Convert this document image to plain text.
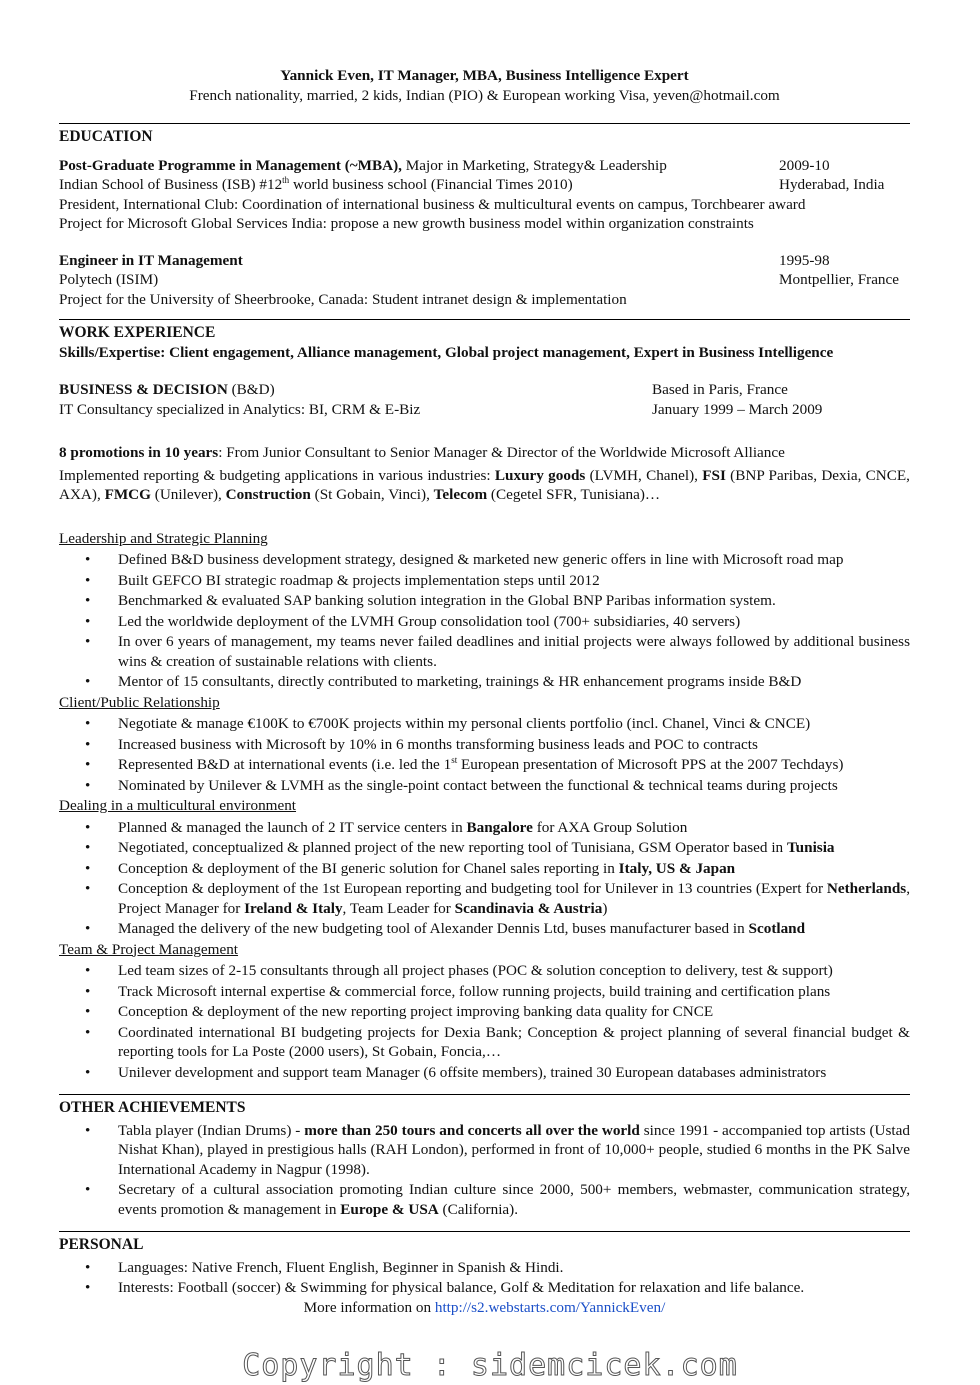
Yannick Even, IT Manager, MBA, Business Intelligence Expert
French nationality, married, 2 kids, Indian (PIO) & European working Visa, yeven@hotmail.com
EDUCATION
Post-Graduate Programme in Management (~MBA), Major in Marketing, Strategy& Leadership	2009-10
Indian School of Business (ISB) #12th world business school (Financial Times 2010)	Hyderabad, India
President, International Club: Coordination of international business & multicultural events on campus, Torchbearer award
Project for Microsoft Global Services India: propose a new growth business model within organization constraints
Engineer in IT Management	1995-98
Polytech (ISIM)	Montpellier, France
Project for the University of Sheerbrooke, Canada: Student intranet design & implementation
WORK EXPERIENCE
Skills/Expertise: Client engagement, Alliance management, Global project management, Expert in Business Intelligence
BUSINESS & DECISION (B&D)	Based in Paris, France
IT Consultancy specialized in Analytics: BI, CRM & E-Biz	January 1999 – March 2009
8 promotions in 10 years: From Junior Consultant to Senior Manager & Director of the Worldwide Microsoft Alliance
Implemented reporting & budgeting applications in various industries: Luxury goods (LVMH, Chanel), FSI (BNP Paribas, Dexia, CNCE, AXA), FMCG (Unilever), Construction (St Gobain, Vinci), Telecom (Cegetel SFR, Tunisiana)…
Leadership and Strategic Planning
• Defined B&D business development strategy, designed & marketed new generic offers in line with Microsoft road map
• Built GEFCO BI strategic roadmap & projects implementation steps until 2012
• Benchmarked & evaluated SAP banking solution integration in the Global BNP Paribas information system.
• Led the worldwide deployment of the LVMH Group consolidation tool (700+ subsidiaries, 40 servers)
• In over 6 years of management, my teams never failed deadlines and initial projects were always followed by additional business wins & creation of sustainable relations with clients.
• Mentor of 15 consultants, directly contributed to marketing, trainings & HR enhancement programs inside B&D
Client/Public Relationship
• Negotiate & manage €100K to €700K projects within my personal clients portfolio (incl. Chanel, Vinci & CNCE)
• Increased business with Microsoft by 10% in 6 months transforming business leads and POC to contracts
• Represented B&D at international events (i.e. led the 1st European presentation of Microsoft PPS at the 2007 Techdays)
• Nominated by Unilever & LVMH as the single-point contact between the functional & technical teams during projects
Dealing in a multicultural environment
• Planned & managed the launch of 2 IT service centers in Bangalore for AXA Group Solution
• Negotiated, conceptualized & planned project of the new reporting tool of Tunisiana, GSM Operator based in Tunisia
• Conception & deployment of the BI generic solution for Chanel sales reporting in Italy, US & Japan
• Conception & deployment of the 1st European reporting and budgeting tool for Unilever in 13 countries (Expert for Netherlands, Project Manager for Ireland & Italy, Team Leader for Scandinavia & Austria)
• Managed the delivery of the new budgeting tool of Alexander Dennis Ltd, buses manufacturer based in Scotland
Team & Project Management
• Led team sizes of 2-15 consultants through all project phases (POC & solution conception to delivery, test & support)
• Track Microsoft internal expertise & commercial force, follow running projects, build training and certification plans
• Conception & deployment of the new reporting project improving banking data quality for CNCE
• Coordinated international BI budgeting projects for Dexia Bank; Conception & project planning of several financial budget & reporting tools for La Poste (2000 users), St Gobain, Foncia,…
• Unilever development and support team Manager (6 offsite members), trained 30 European databases administrators
OTHER ACHIEVEMENTS
• Tabla player (Indian Drums) - more than 250 tours and concerts all over the world since 1991 - accompanied top artists (Ustad Nishat Khan), played in prestigious halls (RAH London), performed in front of 10,000+ people, studied 6 months in the PK Salve International Academy in Nagpur (1998).
• Secretary of a cultural association promoting Indian culture since 2000, 500+ members, webmaster, communication strategy, events promotion & management in Europe & USA (California).
PERSONAL
• Languages: Native French, Fluent English, Beginner in Spanish & Hindi.
• Interests: Football (soccer) & Swimming for physical balance, Golf & Meditation for relaxation and life balance.
More information on http://s2.webstarts.com/YannickEven/
Copyright : sidemcicek.com
